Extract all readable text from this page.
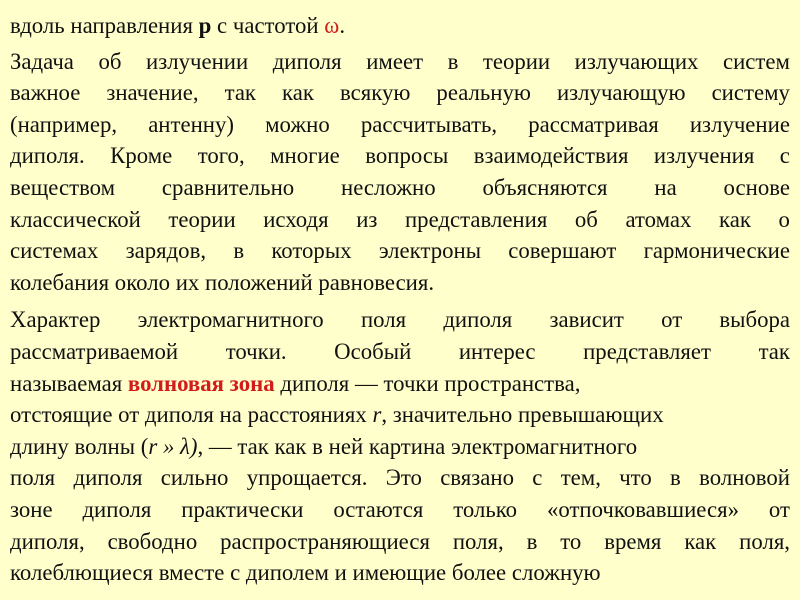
вдоль направления p с частотой ω.

Задача об излучении диполя имеет в теории излучающих систем
важное значение, так как всякую реальную излучающую систему
(например, антенну) можно рассчитывать, рассматривая излучение
диполя. Кроме того, многие вопросы взаимодействия излучения с
веществом сравнительно несложно объясняются на основе
классической теории исходя из представления об атомах как о
системах зарядов, в которых электроны совершают гармонические
колебания около их положений равновесия.

Характер электромагнитного поля диполя зависит от выбора
рассматриваемой точки. Особый интерес представляет так
называемая волновая зона диполя — точки пространства,
отстоящие от диполя на расстояниях r, значительно превышающих
длину волны (r » λ), — так как в ней картина электромагнитного
поля диполя сильно упрощается. Это связано с тем, что в волновой
зоне диполя практически остаются только «отпочковавшиеся» от
диполя, свободно распространяющиеся поля, в то время как поля,
колеблющиеся вместе с диполем и имеющие более сложную
